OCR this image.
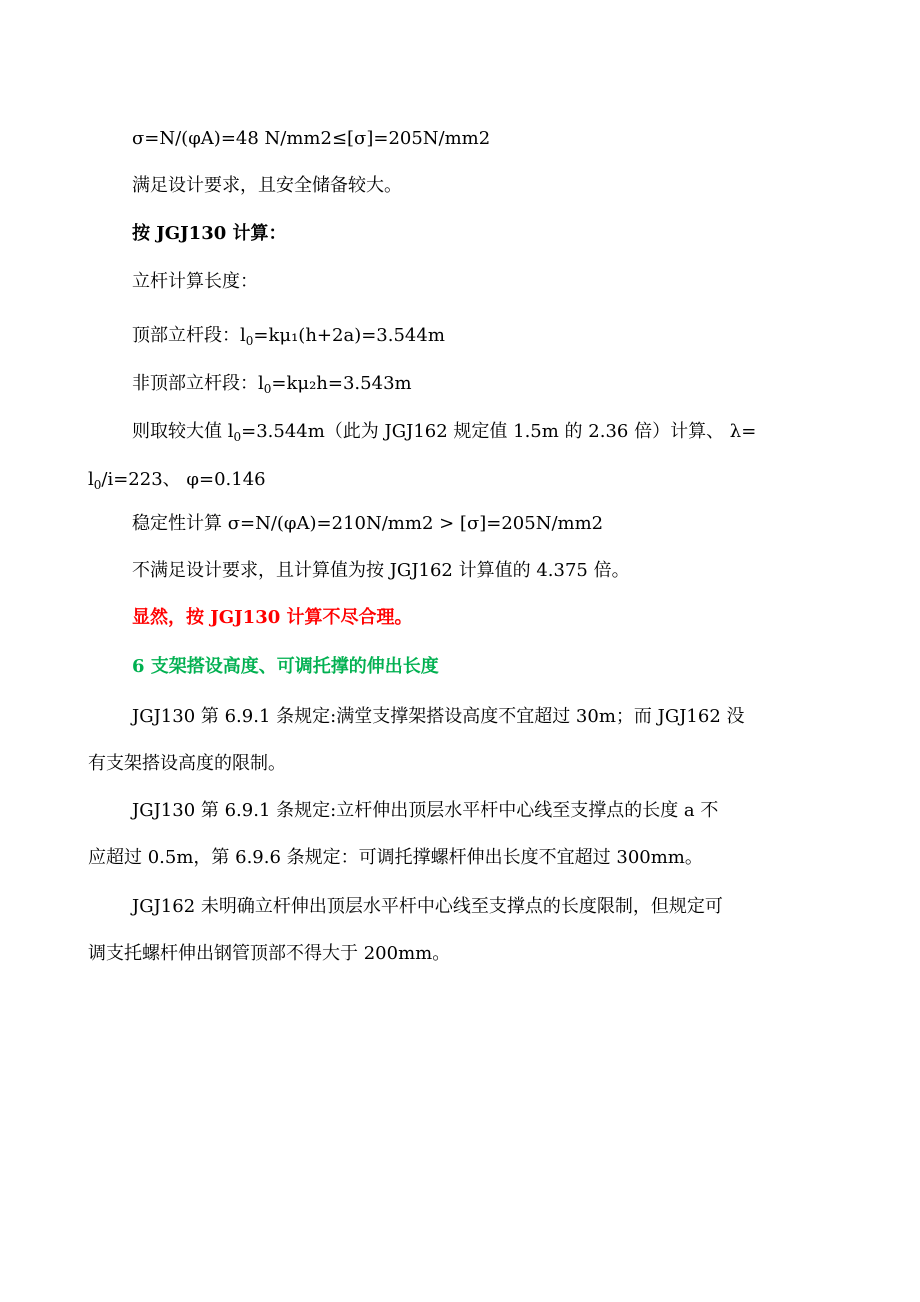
σ=N/(φA)=48 N/mm2≤[σ]=205N/mm2
满足设计要求，且安全储备较大。
按 JGJ130 计算：
立杆计算长度：
顶部立杆段：$l_0=k\mu_1(h+2a)=3.544m$
非顶部立杆段：$l_0=k\mu_2h=3.543m$
则取较大值 $l_0=3.544m$（此为 JGJ162 规定值 1.5m 的 2.36 倍）计算、 λ=
$l_0/i=223$、 φ=0.146
稳定性计算 σ=N/(φA)=210N/mm2 > [σ]=205N/mm2
不满足设计要求，且计算值为按 JGJ162 计算值的 4.375 倍。
显然，按 JGJ130 计算不尽合理。
6 支架搭设高度、可调托撑的伸出长度
JGJ130 第 6.9.1 条规定:满堂支撑架搭设高度不宜超过 30m；而 JGJ162 没
有支架搭设高度的限制。
JGJ130 第 6.9.1 条规定:立杆伸出顶层水平杆中心线至支撑点的长度 a 不
应超过 0.5m，第 6.9.6 条规定：可调托撑螺杆伸出长度不宜超过 300mm。
JGJ162 未明确立杆伸出顶层水平杆中心线至支撑点的长度限制，但规定可
调支托螺杆伸出钢管顶部不得大于 200mm。
